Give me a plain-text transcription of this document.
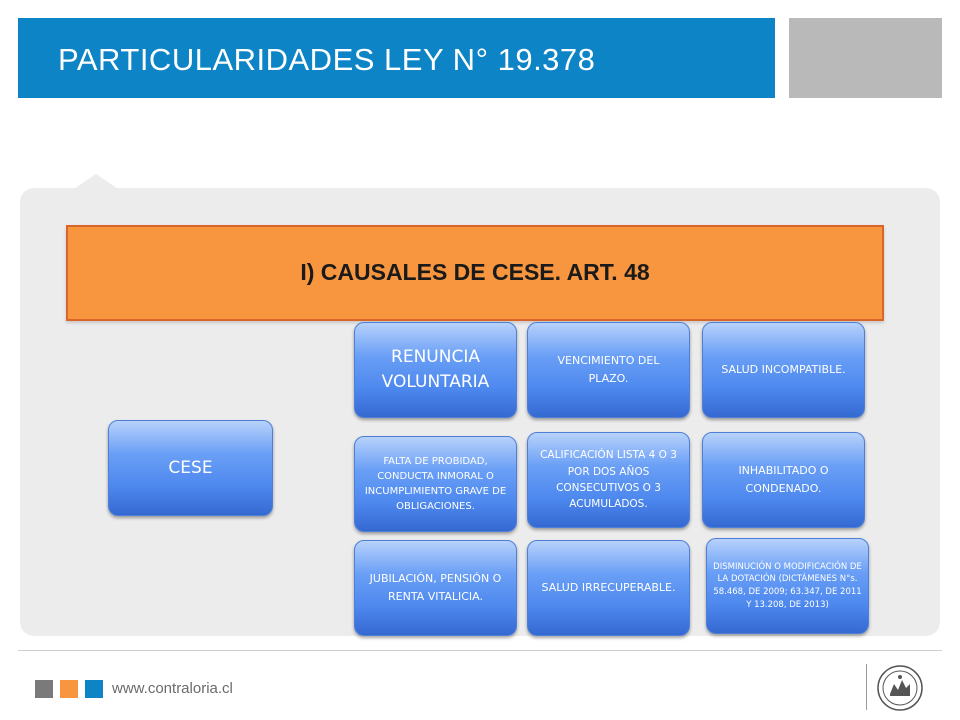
PARTICULARIDADES LEY N° 19.378
I) CAUSALES DE CESE. ART. 48
CESE
RENUNCIA VOLUNTARIA
VENCIMIENTO DEL PLAZO.
SALUD INCOMPATIBLE.
FALTA DE PROBIDAD, CONDUCTA INMORAL O INCUMPLIMIENTO GRAVE DE OBLIGACIONES.
CALIFICACIÓN LISTA 4 O 3 POR DOS AÑOS CONSECUTIVOS O 3 ACUMULADOS.
INHABILITADO O CONDENADO.
JUBILACIÓN, PENSIÓN O RENTA VITALICIA.
SALUD IRRECUPERABLE.
DISMINUCIÓN O MODIFICACIÓN DE LA DOTACIÓN (DICTÁMENES N°s. 58.468, DE 2009; 63.347, DE 2011 Y 13.208, DE 2013)
www.contraloria.cl
